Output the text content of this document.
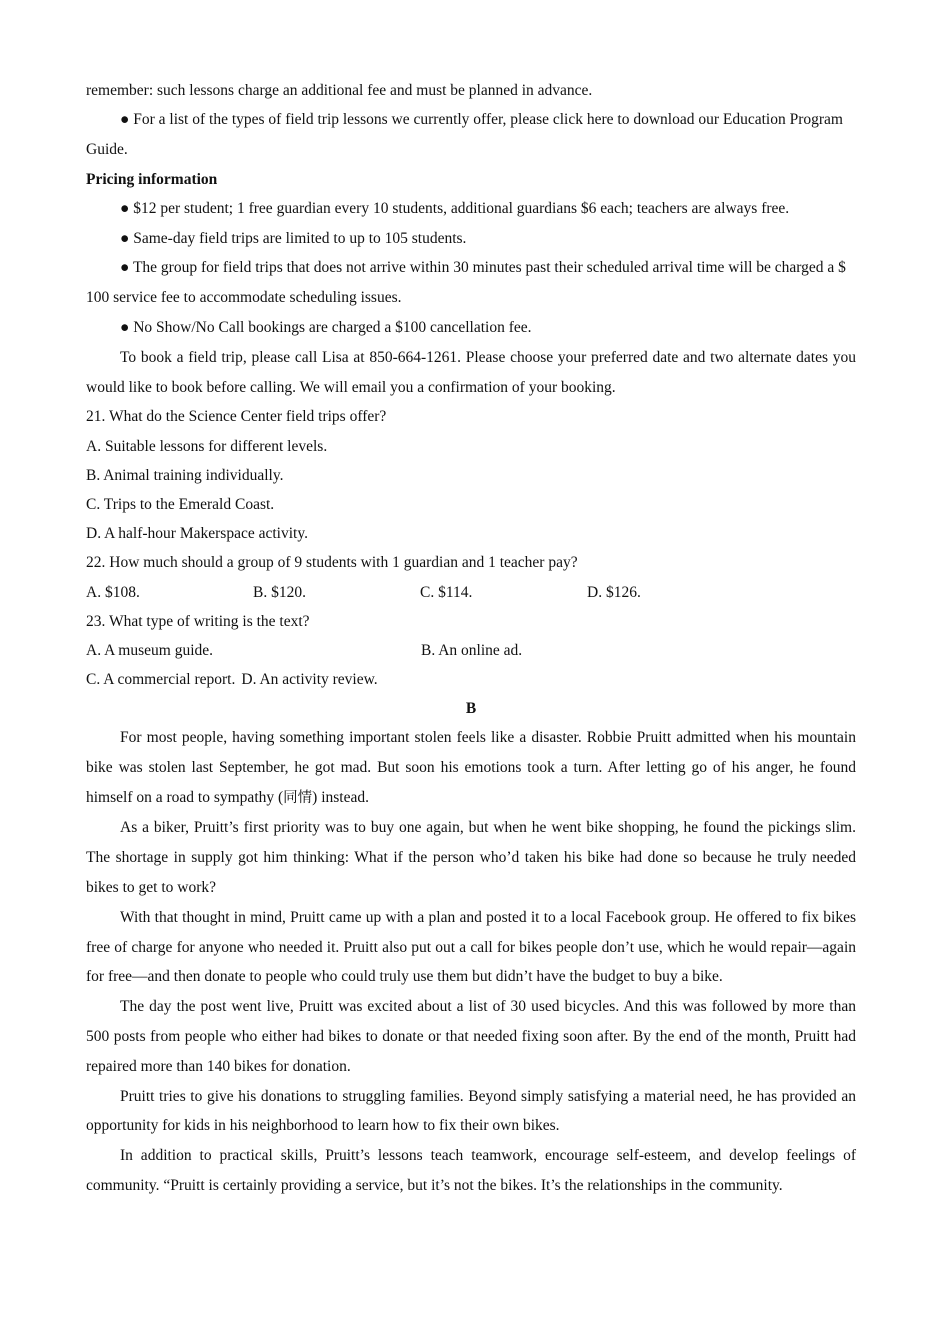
remember: such lessons charge an additional fee and must be planned in advance.

● For a list of the types of field trip lessons we currently offer, please click here to download our Education Program Guide.

Pricing information

● $12 per student; 1 free guardian every 10 students, additional guardians $6 each; teachers are always free.

● Same-day field trips are limited to up to 105 students.

● The group for field trips that does not arrive within 30 minutes past their scheduled arrival time will be charged a $ 100 service fee to accommodate scheduling issues.

● No Show/No Call bookings are charged a $100 cancellation fee.

To book a field trip, please call Lisa at 850-664-1261. Please choose your preferred date and two alternate dates you would like to book before calling. We will email you a confirmation of your booking.

21. What do the Science Center field trips offer?

A. Suitable lessons for different levels.

B. Animal training individually.

C. Trips to the Emerald Coast.

D. A half-hour Makerspace activity.

22. How much should a group of 9 students with 1 guardian and 1 teacher pay?

A. $108.	B. $120.	C. $114.	D. $126.

23. What type of writing is the text?

A. A museum guide.	B. An online ad.

C. A commercial report. D. An activity review.

B

For most people, having something important stolen feels like a disaster. Robbie Pruitt admitted when his mountain bike was stolen last September, he got mad. But soon his emotions took a turn. After letting go of his anger, he found himself on a road to sympathy (同情) instead.

As a biker, Pruitt’s first priority was to buy one again, but when he went bike shopping, he found the pickings slim. The shortage in supply got him thinking: What if the person who’d taken his bike had done so because he truly needed bikes to get to work?

With that thought in mind, Pruitt came up with a plan and posted it to a local Facebook group. He offered to fix bikes free of charge for anyone who needed it. Pruitt also put out a call for bikes people don’t use, which he would repair—again for free—and then donate to people who could truly use them but didn’t have the budget to buy a bike.

The day the post went live, Pruitt was excited about a list of 30 used bicycles. And this was followed by more than 500 posts from people who either had bikes to donate or that needed fixing soon after. By the end of the month, Pruitt had repaired more than 140 bikes for donation.

Pruitt tries to give his donations to struggling families. Beyond simply satisfying a material need, he has provided an opportunity for kids in his neighborhood to learn how to fix their own bikes.

In addition to practical skills, Pruitt’s lessons teach teamwork, encourage self-esteem, and develop feelings of community. “Pruitt is certainly providing a service, but it’s not the bikes. It’s the relationships in the community.
